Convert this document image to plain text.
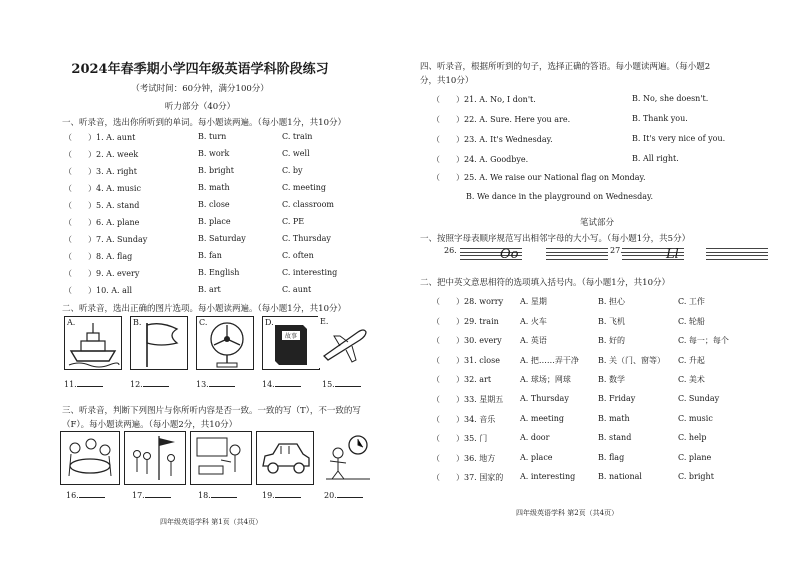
2024年春季期小学四年级英语学科阶段练习
（考试时间：60分钟，满分100分）
听力部分（40分）
一、听录音，选出你所听到的单词。每小题读两遍。（每小题1分，共10分）
（ ）1. A. aunt	B. turn	C. train
（ ）2. A. week	B. work	C. well
（ ）3. A. right	B. bright	C. by
（ ）4. A. music	B. math	C. meeting
（ ）5. A. stand	B. close	C. classroom
（ ）6. A. plane	B. place	C. PE
（ ）7. A. Sunday	B. Saturday	C. Thursday
（ ）8. A. flag	B. fan	C. often
（ ）9. A. every	B. English	C. interesting
（ ）10. A. all	B. art	C. aunt
二、听录音，选出正确的图片选项。每小题读两遍。（每小题1分，共10分）
A.	B.	C.	D.
故事
E.
11.	12.	13.	14.	15.
三、听录音，判断下列图片与你所听内容是否一致。一致的写（T），不一致的写
（F）。每小题读两遍。（每小题2分，共10分）
16.	17.	18.	19.	20.
四年级英语学科 第1页（共4页）
四、听录音，根据所听到的句子，选择正确的答语。每小题读两遍。（每小题2
分，共10分）
（ ）21. A. No, I don't.	B. No, she doesn't.
（ ）22. A. Sure. Here you are.	B. Thank you.
（ ）23. A. It's Wednesday.	B. It's very nice of you.
（ ）24. A. Goodbye.	B. All right.
（ ）25. A. We raise our National flag on Monday.
B. We dance in the playground on Wednesday.
笔试部分
一、按照字母表顺序规范写出相邻字母的大小写。（每小题1分，共5分）
26.	Oo	27.	Ll
二、把中英文意思相符的选项填入括号内。（每小题1分，共10分）
（ ）28. worry A. 星期	B. 担心	C. 工作
（ ）29. train	A. 火车	B. 飞机	C. 轮船
（ ）30. every A. 英语	B. 好的	C. 每一；每个
（ ）31. close	A. 把……弄干净 B. 关（门、窗等） C. 升起
（ ）32. art	A. 球场；网球	B. 数学	C. 美术
（ ）33. 星期五 A. Thursday	B. Friday	C. Sunday
（ ）34. 音乐	A. meeting	B. math	C. music
（ ）35. 门	A. door	B. stand	C. help
（ ）36. 地方	A. place	B. flag	C. plane
（ ）37. 国家的 A. interesting	B. national	C. bright
四年级英语学科 第2页（共4页）
